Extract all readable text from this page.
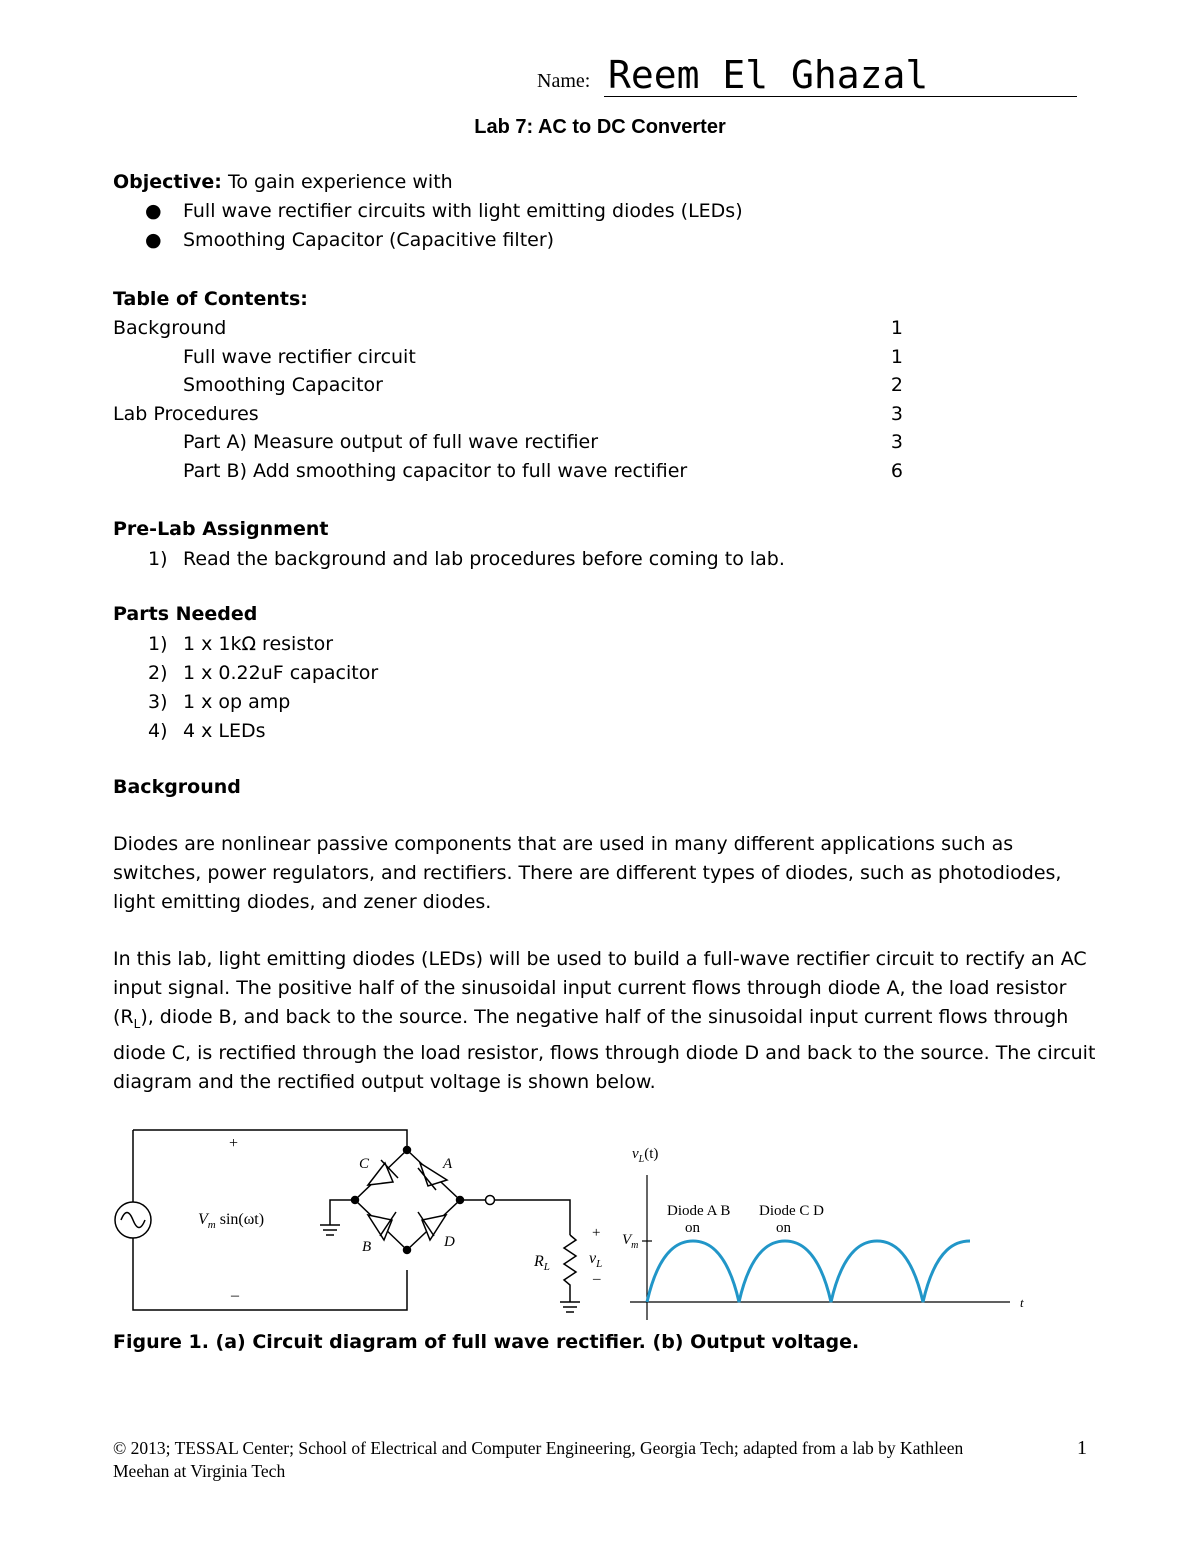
Name: Reem El Ghazal
Lab 7: AC to DC Converter
Objective: To gain experience with
● Full wave rectifier circuits with light emitting diodes (LEDs)
● Smoothing Capacitor (Capacitive filter)
Table of Contents:
Background	1
Full wave rectifier circuit	1
Smoothing Capacitor	2
Lab Procedures	3
Part A) Measure output of full wave rectifier	3
Part B) Add smoothing capacitor to full wave rectifier	6
Pre-Lab Assignment
1) Read the background and lab procedures before coming to lab.
Parts Needed
1) 1 x 1kΩ resistor
2) 1 x 0.22uF capacitor
3) 1 x op amp
4) 4 x LEDs
Background
Diodes are nonlinear passive components that are used in many different applications such as switches, power regulators, and rectifiers. There are different types of diodes, such as photodiodes, light emitting diodes, and zener diodes.
In this lab, light emitting diodes (LEDs) will be used to build a full-wave rectifier circuit to rectify an AC input signal. The positive half of the sinusoidal input current flows through diode A, the load resistor $(R_L)$, diode B, and back to the source. The negative half of the sinusoidal input current flows through diode C, is rectified through the load resistor, flows through diode D and back to the source. The circuit diagram and the rectified output voltage is shown below.
+
–
$V_m$ sin(ωt)
C	A
B	D
$R_L$
+
$v_L$
–
$v_L(t)$
$V_m$
t
Diode A B
on
Diode C D
on
Figure 1. (a) Circuit diagram of full wave rectifier. (b) Output voltage.
© 2013; TESSAL Center; School of Electrical and Computer Engineering, Georgia Tech; adapted from a lab by Kathleen Meehan at Virginia Tech
1
